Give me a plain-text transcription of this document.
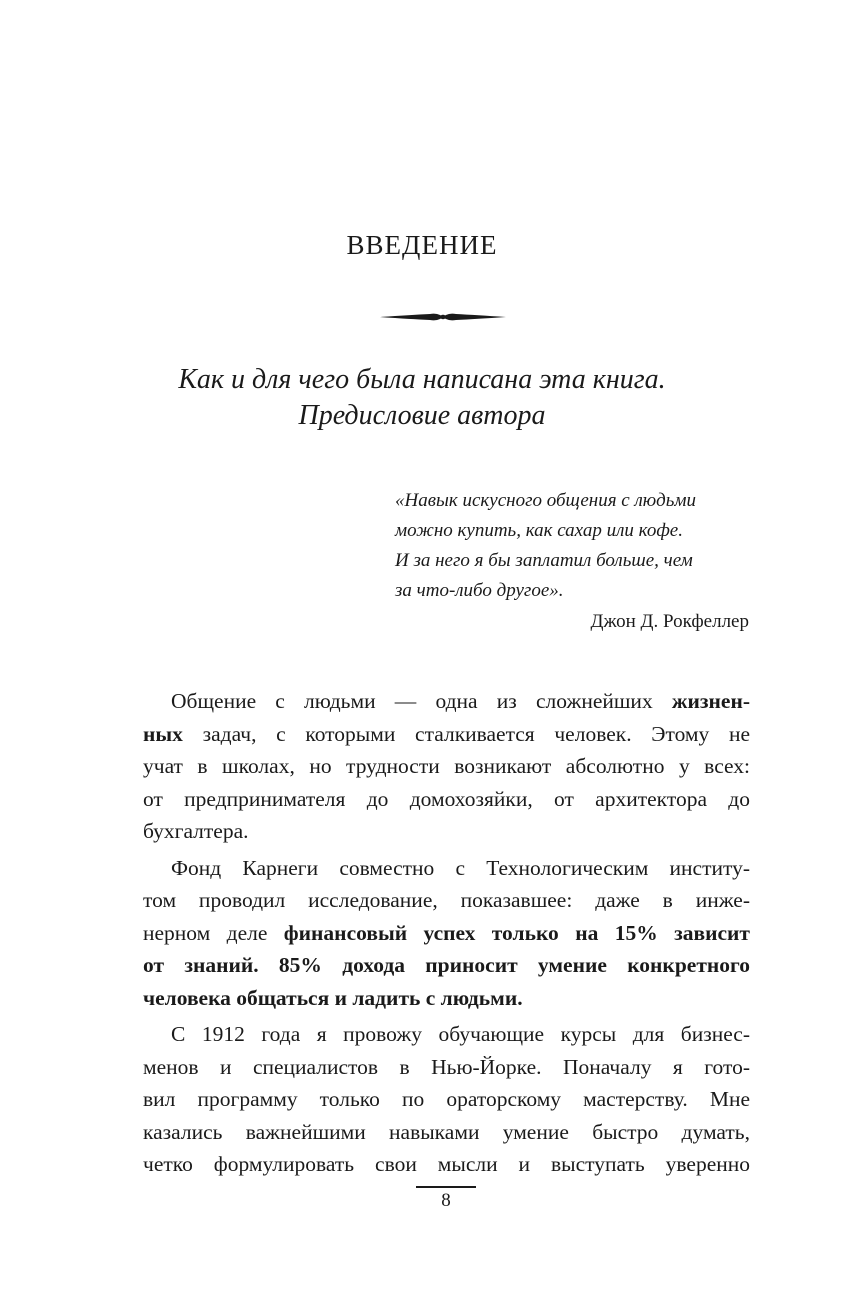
ВВЕДЕНИЕ
Как и для чего была написана эта книга.
Предисловие автора
«Навык искусного общения с людьми
можно купить, как сахар или кофе.
И за него я бы заплатил больше, чем
за что-либо другое».
Джон Д. Рокфеллер
Общение с людьми — одна из сложнейших жизнен-
ных задач, с которыми сталкивается человек. Этому не
учат в школах, но трудности возникают абсолютно у всех:
от предпринимателя до домохозяйки, от архитектора до
бухгалтера.
Фонд Карнеги совместно с Технологическим институ-
том проводил исследование, показавшее: даже в инже-
нерном деле финансовый успех только на 15% зависит
от знаний. 85% дохода приносит умение конкретного
человека общаться и ладить с людьми.
С 1912 года я провожу обучающие курсы для бизнес-
менов и специалистов в Нью-Йорке. Поначалу я гото-
вил программу только по ораторскому мастерству. Мне
казались важнейшими навыками умение быстро думать,
четко формулировать свои мысли и выступать уверенно
8
